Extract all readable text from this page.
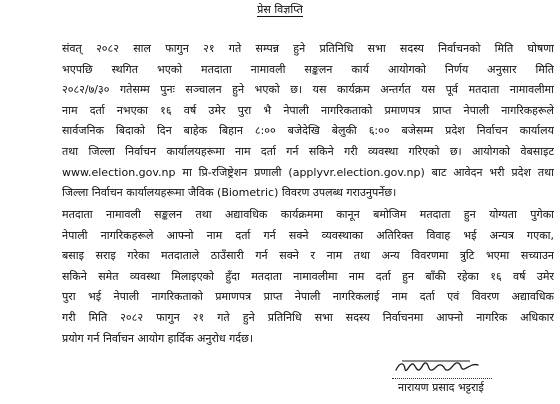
प्रेस विज्ञप्ति
संवत् २०८२ साल फागुन २१ गते सम्पन्न हुने प्रतिनिधि सभा सदस्य निर्वाचनको मिति घोषणा
भएपछि स्थगित भएको मतदाता नामावली सङ्कलन कार्य आयोगको निर्णय अनुसार मिति
२०८२/७/३० गतेसम्म पुनः सञ्चालन हुने भएको छ। यस कार्यक्रम अन्तर्गत यस पूर्व मतदाता नामावलीमा
नाम दर्ता नभएका १६ वर्ष उमेर पुरा भै नेपाली नागरिकताको प्रमाणपत्र प्राप्त नेपाली नागरिकहरूले
सार्वजनिक बिदाको दिन बाहेक बिहान ८:०० बजेदेखि बेलुकी ६:०० बजेसम्म प्रदेश निर्वाचन कार्यालय
तथा जिल्ला निर्वाचन कार्यालयहरूमा नाम दर्ता गर्न सकिने गरी व्यवस्था गरिएको छ। आयोगको वेबसाइट
www.election.gov.np मा प्रि-रजिष्ट्रेशन प्रणाली (applyvr.election.gov.np) बाट आवेदन भरी प्रदेश तथा
जिल्ला निर्वाचन कार्यालयहरूमा जैविक (Biometric) विवरण उपलब्ध गराउनुपर्नेछ।
मतदाता नामावली सङ्कलन तथा अद्यावधिक कार्यक्रममा कानून बमोजिम मतदाता हुन योग्यता पुगेका
नेपाली नागरिकहरूले आफ्नो नाम दर्ता गर्न सक्ने व्यवस्थाका अतिरिक्त विवाह भई अन्यत्र गएका,
बसाइ सराइ गरेका मतदाताले ठाउँसारी गर्न सक्ने र नाम तथा अन्य विवरणमा त्रुटि भएमा सच्याउन
सकिने समेत व्यवस्था मिलाइएको हुँदा मतदाता नामावलीमा नाम दर्ता हुन बाँकी रहेका १६ वर्ष उमेर
पुरा भई नेपाली नागरिकताको प्रमाणपत्र प्राप्त नेपाली नागरिकलाई नाम दर्ता एवं विवरण अद्यावधिक
गरी मिति २०८२ फागुन २१ गते हुने प्रतिनिधि सभा सदस्य निर्वाचनमा आफ्नो नागरिक अधिकार
प्रयोग गर्न निर्वाचन आयोग हार्दिक अनुरोध गर्दछ।
नारायण प्रसाद भट्टराई
